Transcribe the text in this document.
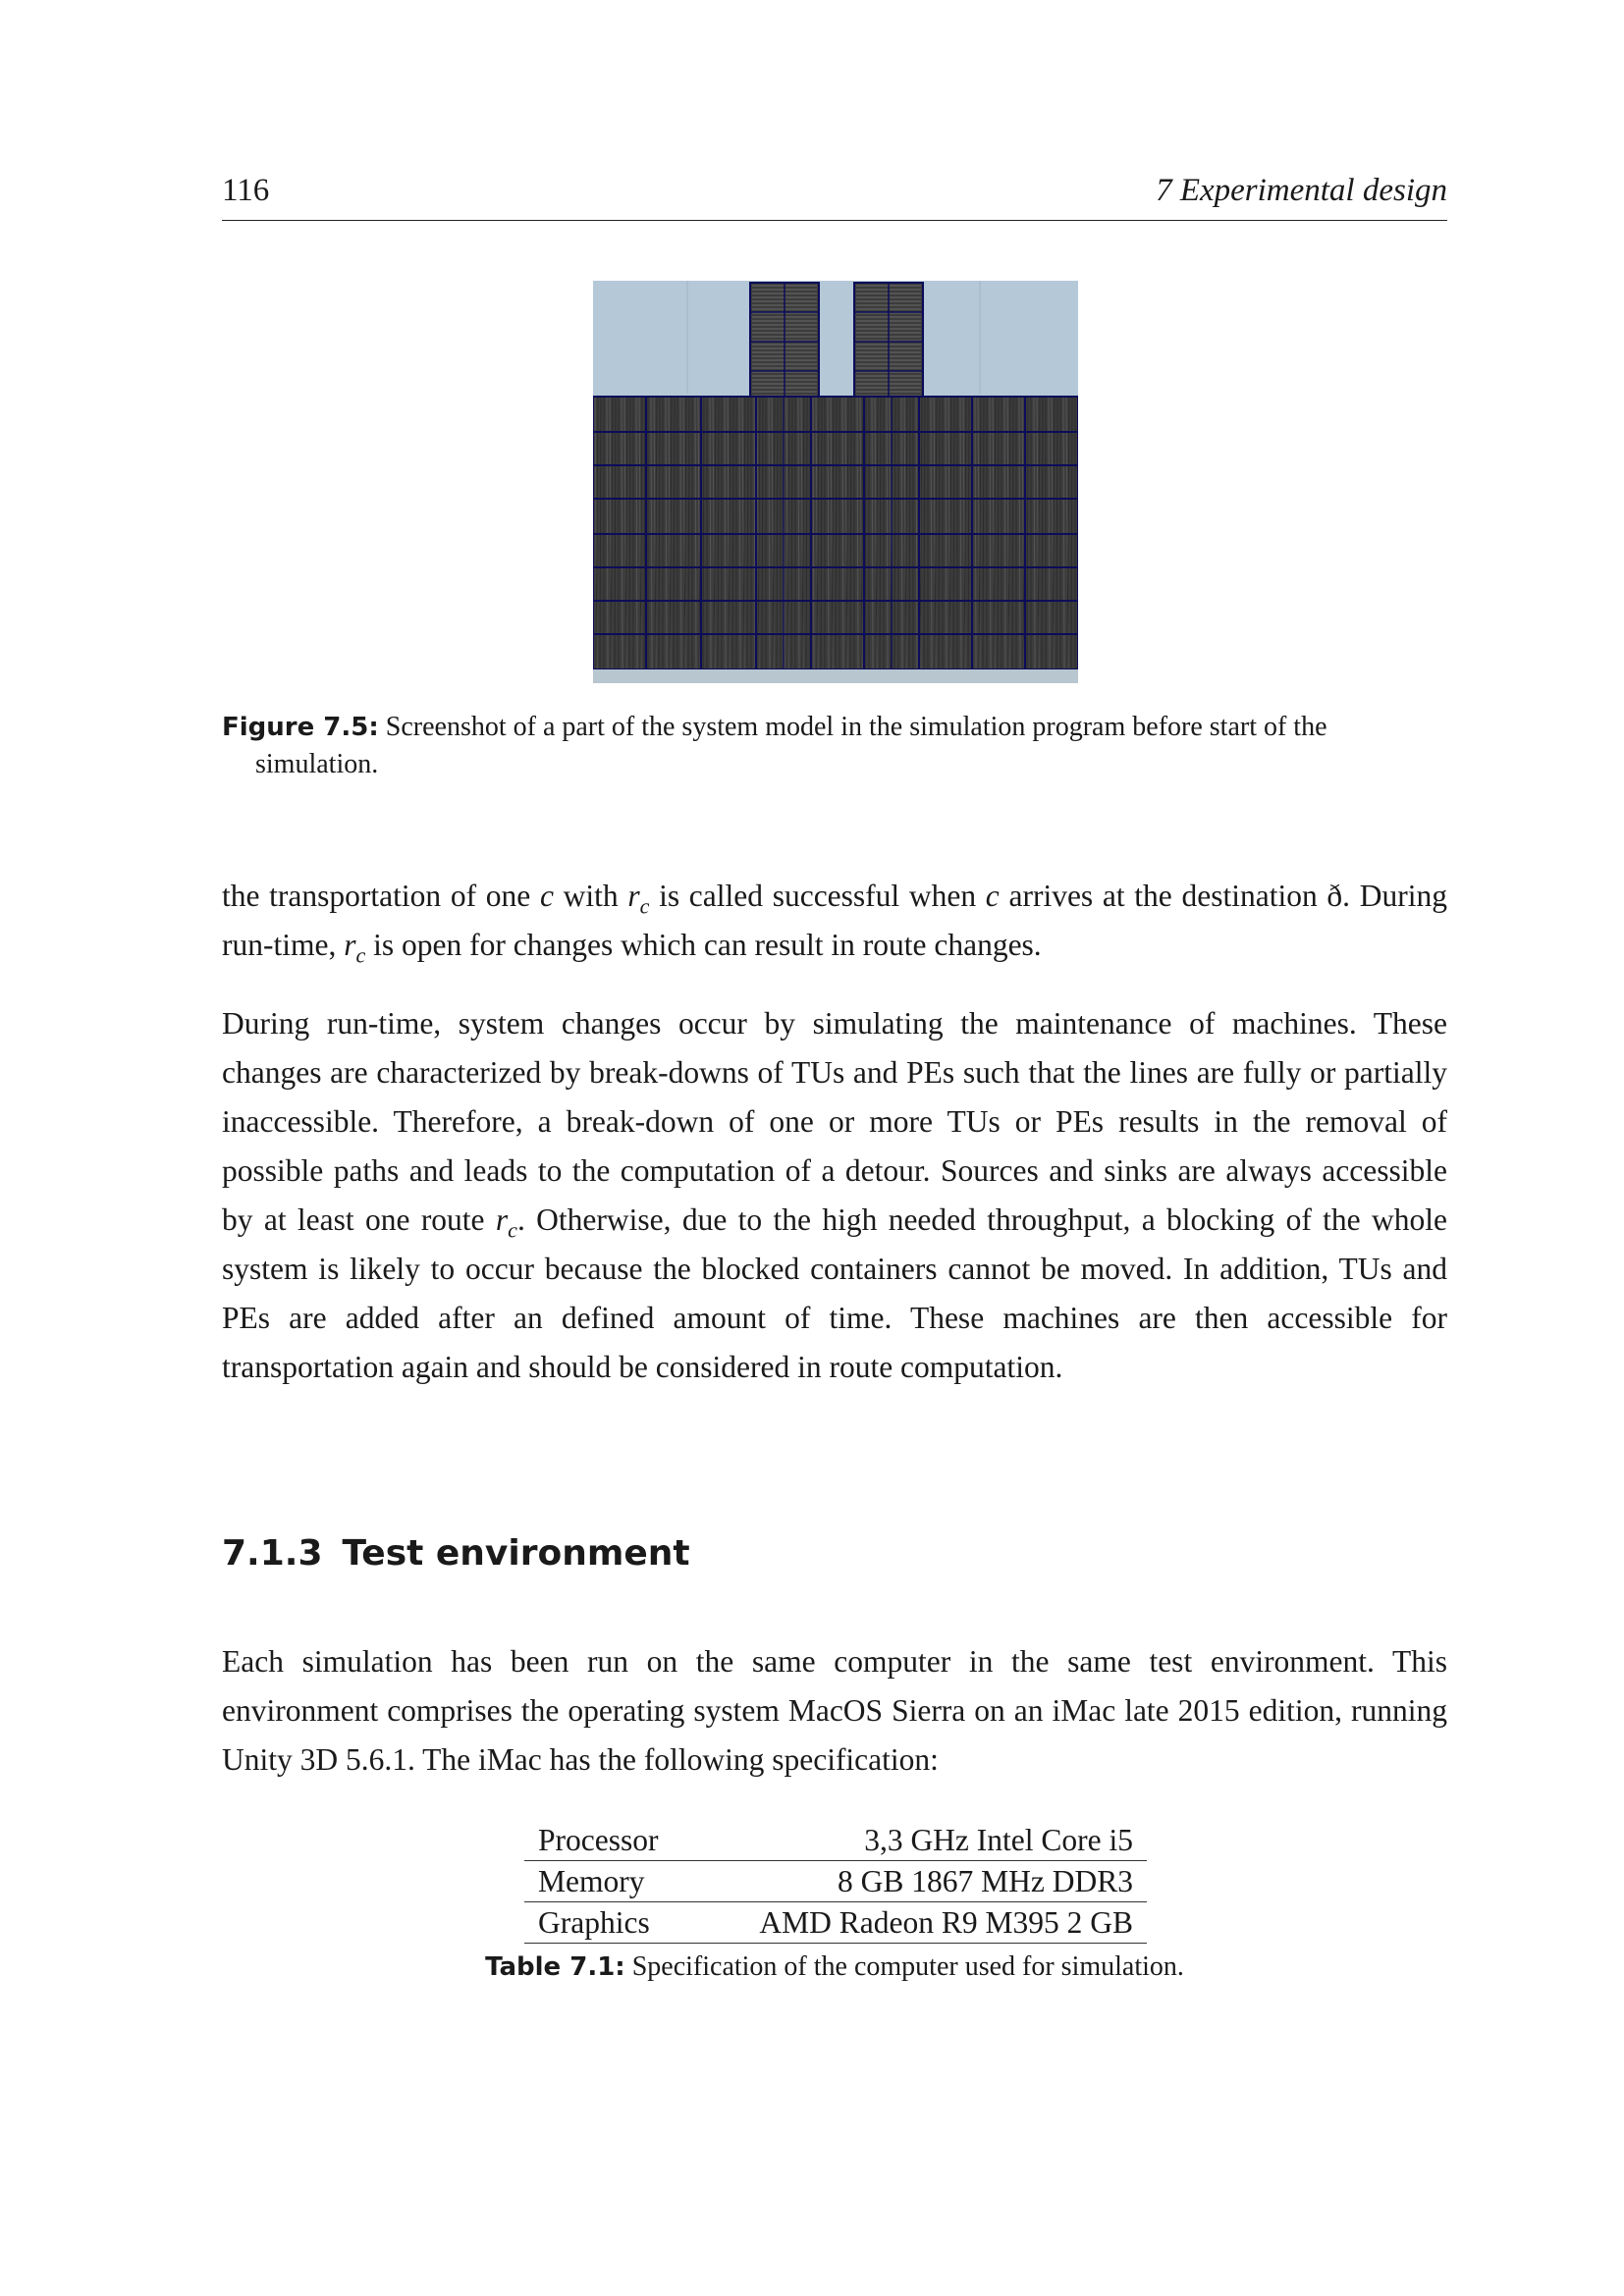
116	7 Experimental design
Figure 7.5: Screenshot of a part of the system model in the simulation program before start of the simulation.
the transportation of one c with $r_c$ is called successful when c arrives at the destination ð. During run-time, $r_c$ is open for changes which can result in route changes.
During run-time, system changes occur by simulating the maintenance of machines. These changes are characterized by break-downs of TUs and PEs such that the lines are fully or partially inaccessible. Therefore, a break-down of one or more TUs or PEs results in the removal of possible paths and leads to the computation of a detour. Sources and sinks are always accessible by at least one route $r_c$. Otherwise, due to the high needed throughput, a blocking of the whole system is likely to occur because the blocked containers cannot be moved. In addition, TUs and PEs are added after an defined amount of time. These machines are then accessible for transportation again and should be considered in route computation.
7.1.3 Test environment
Each simulation has been run on the same computer in the same test environment. This environment comprises the operating system MacOS Sierra on an iMac late 2015 edition, running Unity 3D 5.6.1. The iMac has the following specification:
Processor	3,3 GHz Intel Core i5
Memory	8 GB 1867 MHz DDR3
Graphics	AMD Radeon R9 M395 2 GB
Table 7.1: Specification of the computer used for simulation.
